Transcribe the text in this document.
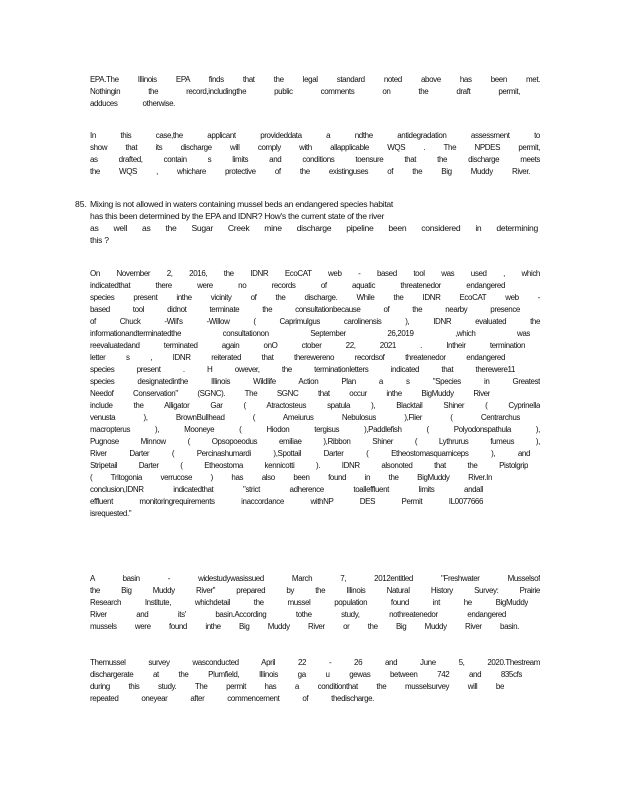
EPA.The Illinois EPA finds that the legal standard noted above has been met.
Nothingin the record,includingthe public comments on the draft permit,
adduces otherwise.
In this case,the applicant provideddata a ndthe antidegradation assessment to
show that its discharge will comply with allapplicable WQS . The NPDES permit,
as drafted, contain s limits and conditions toensure that the discharge meets
the WQS , whichare protective of the existinguses of the Big Muddy River.
85. Mixing is not allowed in waters containing mussel beds an endangered species habitat
has this been determined by the EPA and IDNR? How's the current state of the river
as well as the Sugar Creek mine discharge pipeline been considered in determining
this ?
On November 2, 2016, the IDNR EcoCAT web - based tool was used , which
indicatedthat there were no records of aquatic threatenedor endangered
species present inthe vicinity of the discharge. While the IDNR EcoCAT web -
based tool didnot terminate the consultationbecause of the nearby presence
of Chuck -Will's -Willow ( Caprimulgus carolinensis ), IDNR evaluated the
informationandterminatedthe consultationon September 26,2019 ,which was
reevaluatedand terminated again onO ctober 22, 2021 . Intheir termination
letter s , IDNR reiterated that therewereno recordsof threatenedor endangered
species present . H owever, the terminationletters indicated that therewere11
species designatedinthe Illinois Wildlife Action Plan a s "Species in Greatest
Needof Conservation" (SGNC). The SGNC that occur inthe BigMuddy River
include the Alligator Gar ( Atractosteus spatula ), Blacktail Shiner ( Cyprinella
venusta ), BrownBullhead ( Ameiurus Nebulosus ),Flier ( Centrarchus
macropterus ), Mooneye ( Hiodon tergisus ),Paddlefish ( Polyodonspathula ),
Pugnose Minnow ( Opsopoeodus emiliae ),Ribbon Shiner ( Lythrurus fumeus ),
River Darter ( Percinashumardi ),Spottail Darter ( Etheostomasquamiceps ), and
Stripetail Darter ( Etheostoma kennicotti ). IDNR alsonoted that the Pistolgrip
( Tritogonia verrucose ) has also been found in the BigMuddy River.In
conclusion,IDNR indicatedthat "strict adherence toalleffluent limits andall
effluent monitoringrequirements inaccordance withNP DES Permit IL0077666
isrequested."
A basin - widestudywasissued March 7, 2012entitled "Freshwater Musselsof
the Big Muddy River" prepared by the Illinois Natural History Survey: Prairie
Research Institute, whichdetail the mussel population found int he BigMuddy
River and its' basin.According tothe study, nothreatenedor endangered
mussels were found inthe Big Muddy River or the Big Muddy River basin.
Themussel survey wasconducted April 22 - 26 and June 5, 2020.Thestream
dischargerate at the Plumfield, Illinois ga u gewas between 742 and 835cfs
during this study. The permit has a conditionthat the musselsurvey will be
repeated oneyear after commencement of thedischarge.
